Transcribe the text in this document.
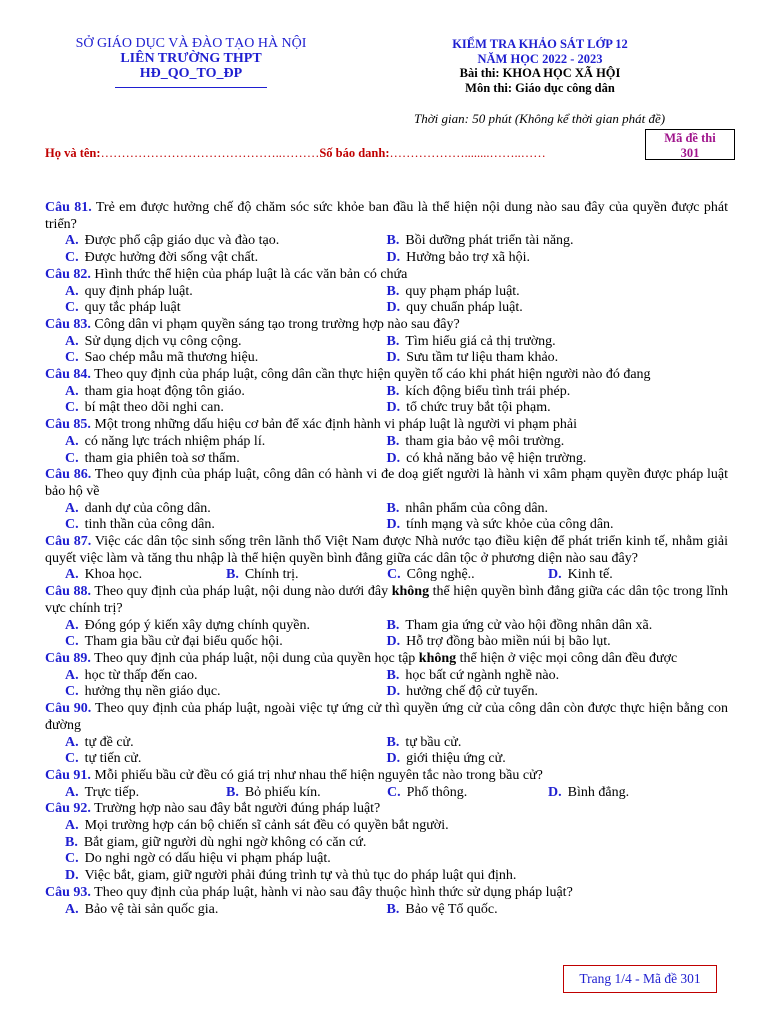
SỞ GIÁO DỤC VÀ ĐÀO TẠO HÀ NỘI
LIÊN TRƯỜNG THPT
HĐ_QO_TO_ĐP
KIỂM TRA KHẢO SÁT LỚP 12
NĂM HỌC 2022 - 2023
Bài thi: KHOA HỌC XÃ HỘI
Môn thi: Giáo dục công dân
Thời gian: 50 phút (Không kể thời gian phát đề)
Mã đề thi
301
Họ và tên:……………………………………..………Số báo danh:………………........……..……

Câu 81. Trẻ em được hưởng chế độ chăm sóc sức khỏe ban đầu là thể hiện nội dung nào sau đây của quyền được phát triển?

A. Được phổ cập giáo dục và đào tạo.	B. Bồi dưỡng phát triển tài năng.
C. Được hưởng đời sống vật chất.	D. Hưởng bảo trợ xã hội.

Câu 82. Hình thức thể hiện của pháp luật là các văn bản có chứa

A. quy định pháp luật.	B. quy phạm pháp luật.
C. quy tắc pháp luật	D. quy chuẩn pháp luật.

Câu 83. Công dân vi phạm quyền sáng tạo trong trường hợp nào sau đây?

A. Sử dụng dịch vụ công cộng.	B. Tìm hiểu giá cả thị trường.
C. Sao chép mẫu mã thương hiệu.	D. Sưu tầm tư liệu tham khảo.

Câu 84. Theo quy định của pháp luật, công dân cần thực hiện quyền tố cáo khi phát hiện người nào đó đang

A. tham gia hoạt động tôn giáo.	B. kích động biểu tình trái phép.
C. bí mật theo dõi nghi can.	D. tổ chức truy bắt tội phạm.

Câu 85. Một trong những dấu hiệu cơ bản để xác định hành vi pháp luật là người vi phạm phải

A. có năng lực trách nhiệm pháp lí.	B. tham gia bảo vệ môi trường.
C. tham gia phiên toà sơ thẩm.	D. có khả năng bảo vệ hiện trường.

Câu 86. Theo quy định của pháp luật, công dân có hành vi đe doạ giết người là hành vi xâm phạm quyền được pháp luật bảo hộ về

A. danh dự của công dân.	B. nhân phẩm của công dân.
C. tinh thần của công dân.	D. tính mạng và sức khỏe của công dân.

Câu 87. Việc các dân tộc sinh sống trên lãnh thổ Việt Nam được Nhà nước tạo điều kiện để phát triển kinh tế, nhằm giải quyết việc làm và tăng thu nhập là thể hiện quyền bình đẳng giữa các dân tộc ở phương diện nào sau đây?

A. Khoa học.	B. Chính trị.	C. Công nghệ..	D. Kinh tế.

Câu 88. Theo quy định của pháp luật, nội dung nào dưới đây không thể hiện quyền bình đẳng giữa các dân tộc trong lĩnh vực chính trị?

A. Đóng góp ý kiến xây dựng chính quyền.	B. Tham gia ứng cử vào hội đồng nhân dân xã.
C. Tham gia bầu cử đại biểu quốc hội.	D. Hỗ trợ đồng bào miền núi bị bão lụt.

Câu 89. Theo quy định của pháp luật, nội dung của quyền học tập không thể hiện ở việc mọi công dân đều được

A. học từ thấp đến cao.	B. học bất cứ ngành nghề nào.
C. hưởng thụ nền giáo dục.	D. hưởng chế độ cử tuyển.

Câu 90. Theo quy định của pháp luật, ngoài việc tự ứng cử thì quyền ứng cử của công dân còn được thực hiện bằng con đường

A. tự đề cử.	B. tự bầu cử.
C. tự tiến cử.	D. giới thiệu ứng cử.

Câu 91. Mỗi phiếu bầu cử đều có giá trị như nhau thể hiện nguyên tắc nào trong bầu cử?

A. Trực tiếp.	B. Bỏ phiếu kín.	C. Phổ thông.	D. Bình đẳng.

Câu 92. Trường hợp nào sau đây bắt người đúng pháp luật?

A. Mọi trường hợp cán bộ chiến sĩ cảnh sát đều có quyền bắt người.
B. Bắt giam, giữ người dù nghi ngờ không có căn cứ.
C. Do nghi ngờ có dấu hiệu vi phạm pháp luật.
D. Việc bắt, giam, giữ người phải đúng trình tự và thủ tục do pháp luật qui định.

Câu 93. Theo quy định của pháp luật, hành vi nào sau đây thuộc hình thức sử dụng pháp luật?

A. Bảo vệ tài sản quốc gia.	B. Bảo vệ Tổ quốc.
Trang 1/4 - Mã đề 301
